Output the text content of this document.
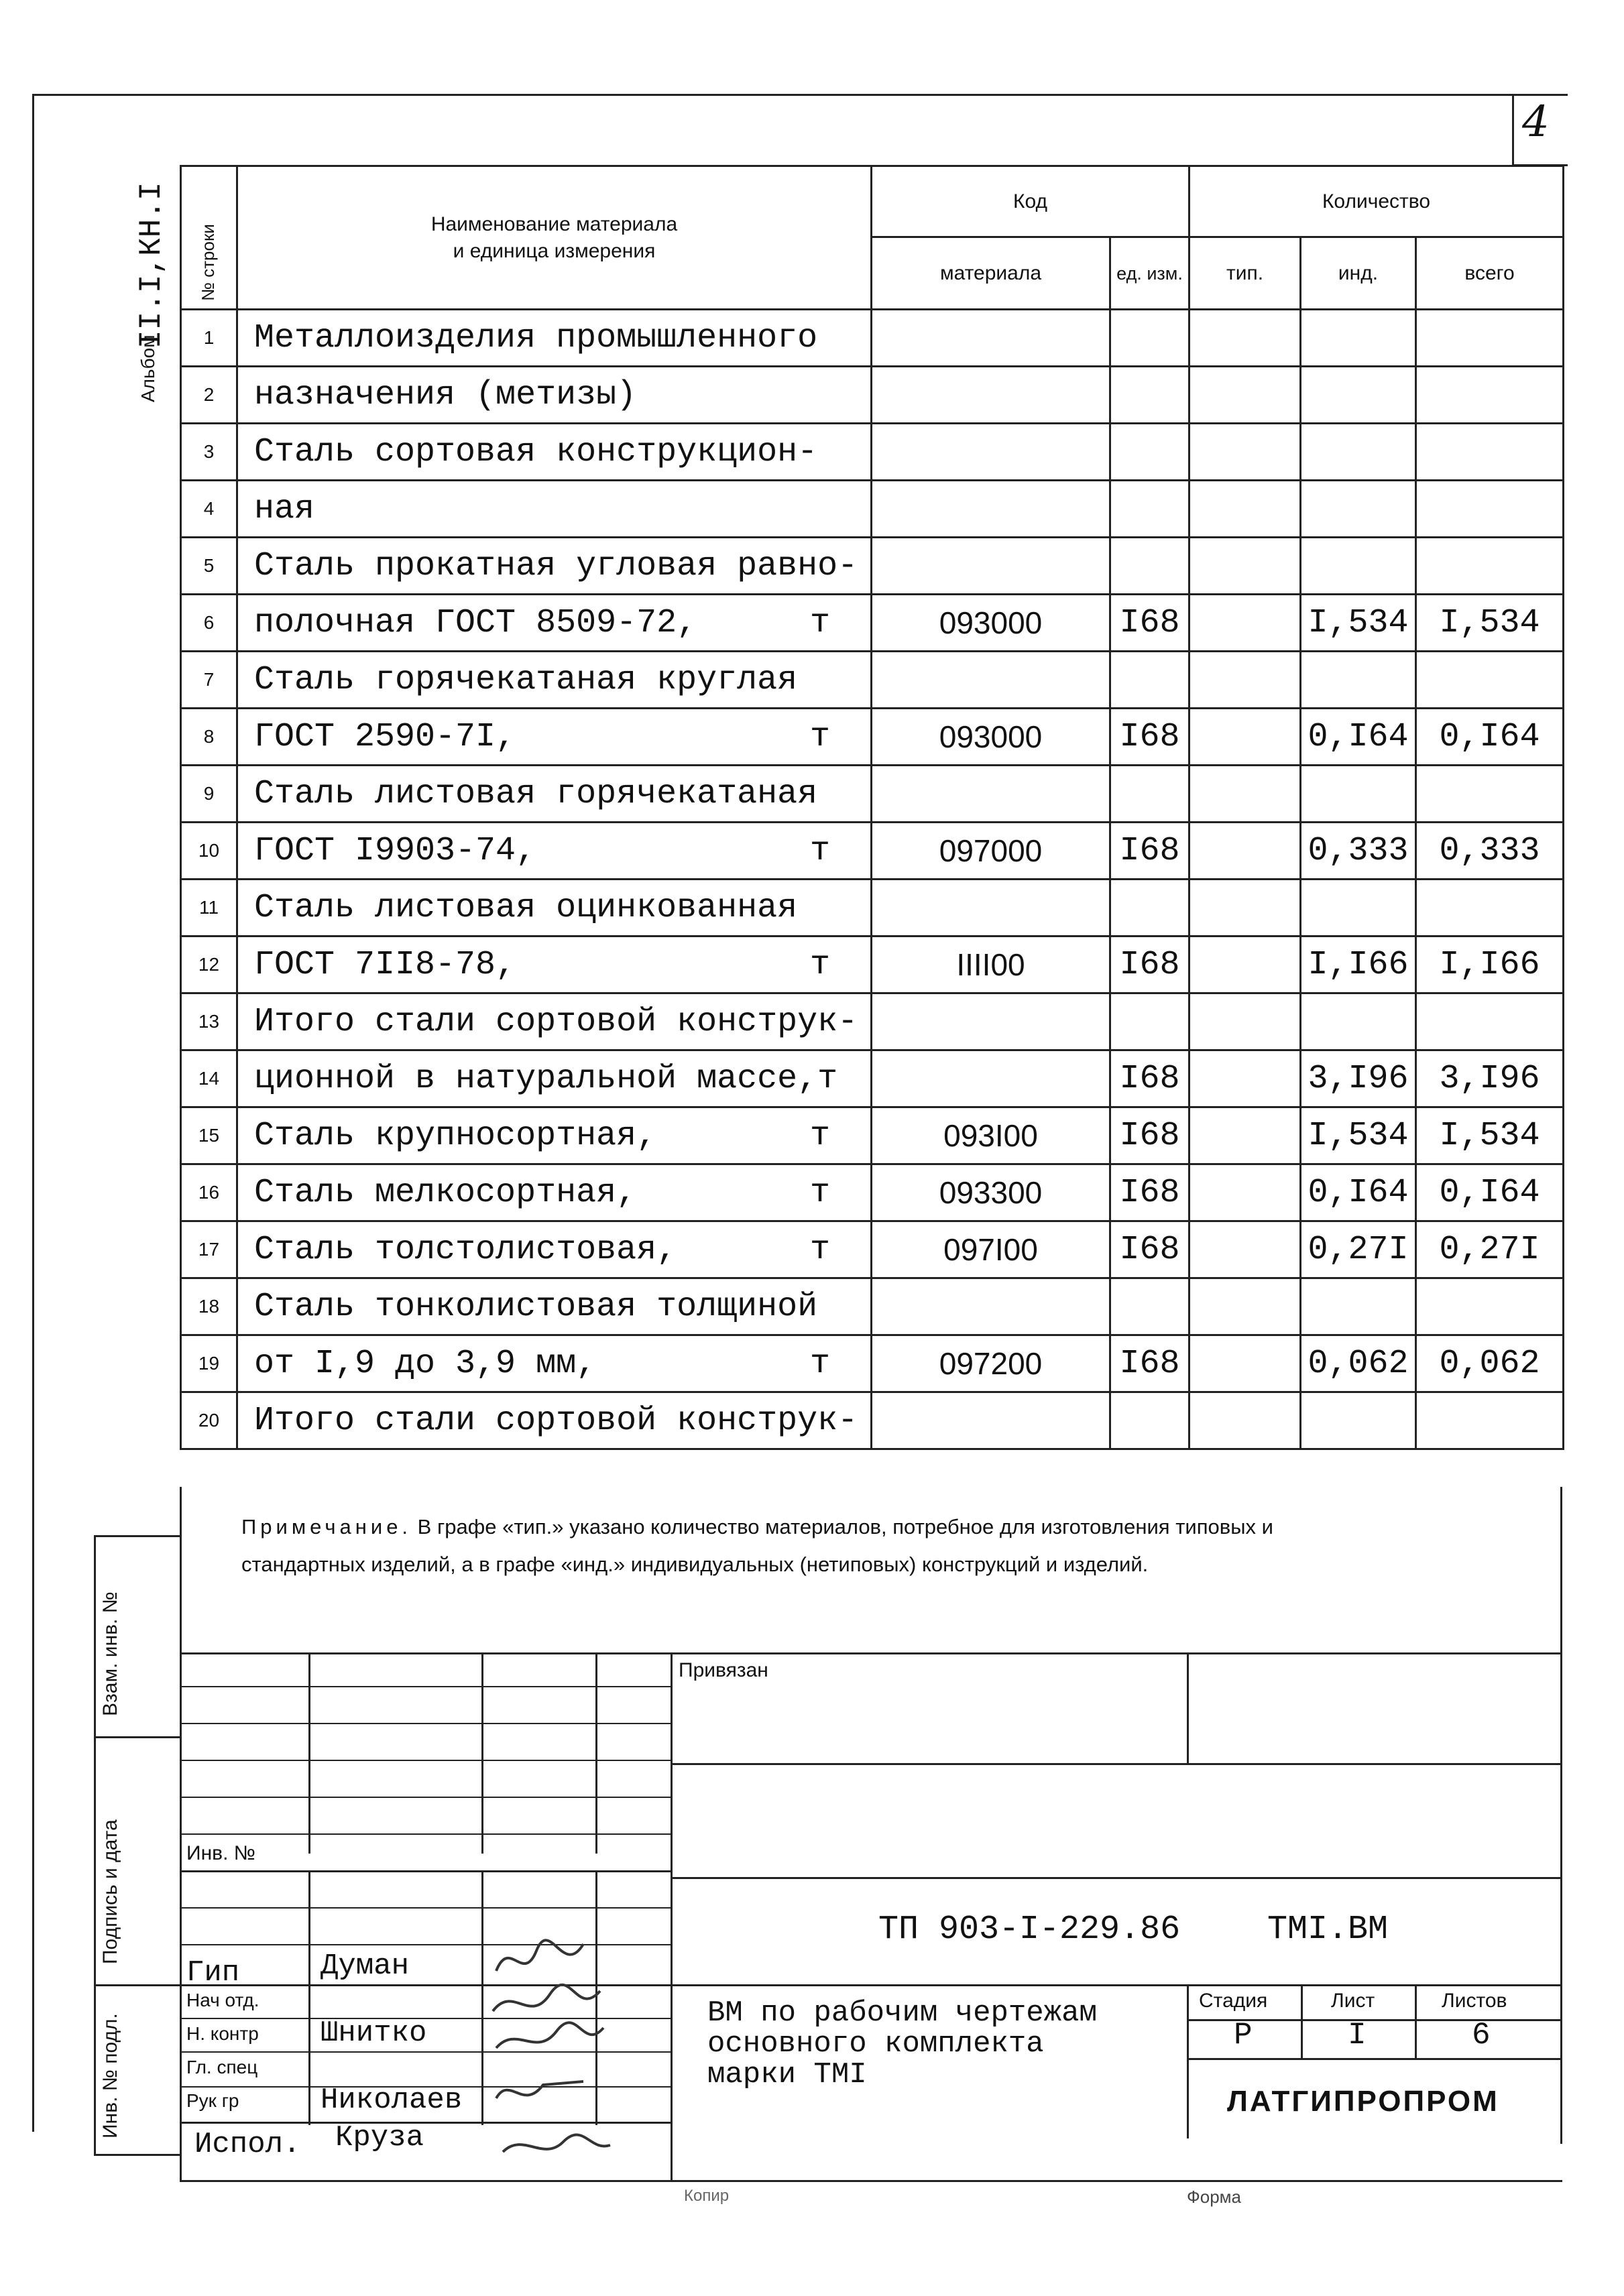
4
Альбом
II.I,КН.I № строки	Наименование материала
и единица измерения	Код		Количество		
		материала	ед. изм.	тип.	инд.	всего
1	Металлоизделия промышленного

2	назначения (метизы)

3	Сталь сортовая конструкцион-

4	ная

5	Сталь прокатная угловая равно-

6	полочная ГОСТ 8509-72, т	093000	I68		I,534	I,534
7	Сталь горячекатаная круглая

8	ГОСТ 2590-7I, т	093000	I68		0,I64	0,I64
9	Сталь листовая горячекатаная

10	ГОСТ I9903-74, т	097000	I68		0,333	0,333
11	Сталь листовая оцинкованная

12	ГОСТ 7II8-78, т	IIII00	I68		I,I66	I,I66
13	Итого стали сортовой конструк-

14	ционной в натуральной массе,т		I68		3,I96	3,I96
15	Сталь крупносортная, т	093I00	I68		I,534	I,534
16	Сталь мелкосортная, т	093300	I68		0,I64	0,I64
17	Сталь толстолистовая, т	097I00	I68		0,27I	0,27I
18	Сталь тонколистовая толщиной

19	от I,9 до 3,9 мм, т	097200	I68		0,062	0,062
20	Итого стали сортовой конструк-

Примечание. В графе «тип.» указано количество материалов, потребное для изготовления типовых и стандартных изделий, а в графе «инд.» индивидуальных (нетиповых) конструкций и изделий.
Взам. инв. №
Подпись и дата
Инв. № подл.
Инв. №
Привязан
ТП 903-I-229.86	ТМI.ВМ
ВМ по рабочим чертежам
основного комплекта
марки ТМI
Стадия	Лист	Листов
Р	I	6
ЛАТГИПРОПРОМ
Гип	Думан
Нач отд.
Н. контр Шнитко
Гл. спец
Рук гр	Николаев
Испол. Круза
Копир	Форма
